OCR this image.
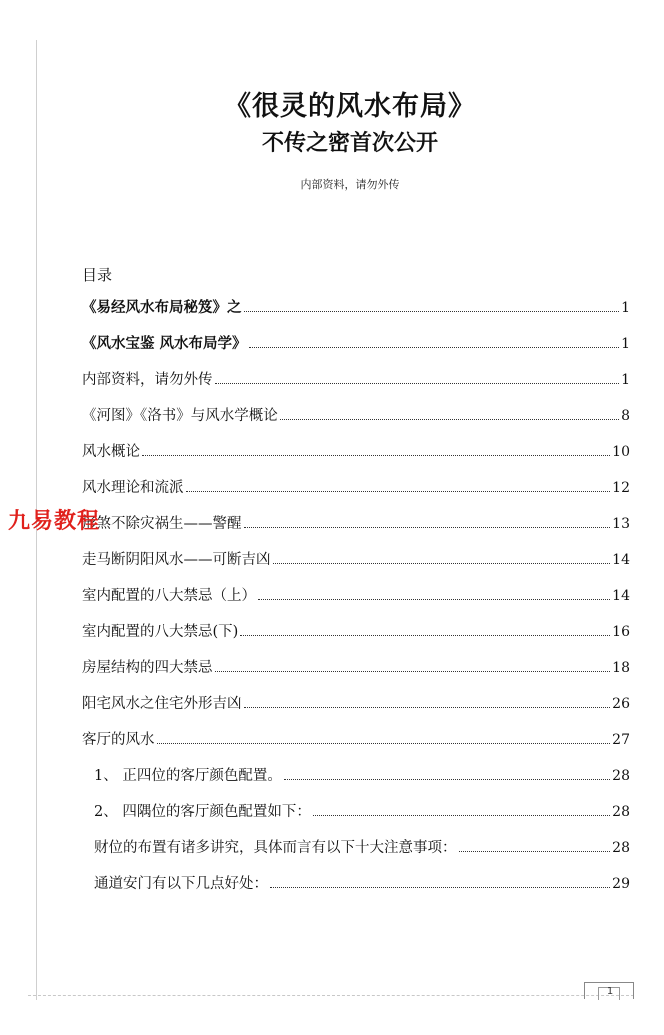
《很灵的风水布局》
不传之密首次公开
内部资料，请勿外传
目录
《易经风水布局秘笈》之	1
《风水宝鉴 风水布局学》	1
内部资料，请勿外传	1
《河图》《洛书》与风水学概论	8
风水概论	10
风水理论和流派	12
形煞不除灾祸生——警醒	13
走马断阴阳风水——可断吉凶	14
室内配置的八大禁忌（上）	14
室内配置的八大禁忌(下)	16
房屋结构的四大禁忌	18
阳宅风水之住宅外形吉凶	26
客厅的风水	27
1、 正四位的客厅颜色配置。	28
2、 四隅位的客厅颜色配置如下：	28
财位的布置有诸多讲究，具体而言有以下十大注意事项：	28
通道安门有以下几点好处：	29
九易教程
1
